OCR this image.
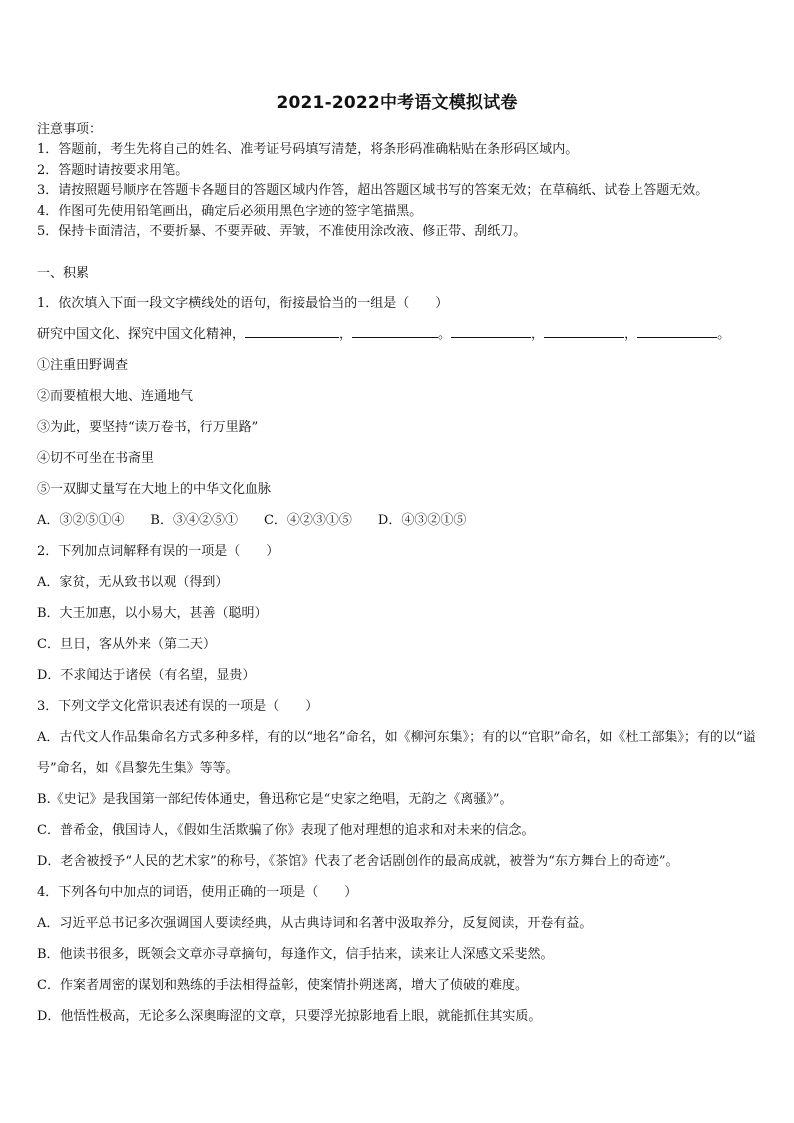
2021-2022中考语文模拟试卷
注意事项：
1．答题前，考生先将自己的姓名、准考证号码填写清楚，将条形码准确粘贴在条形码区域内。
2．答题时请按要求用笔。
3．请按照题号顺序在答题卡各题目的答题区域内作答，超出答题区域书写的答案无效；在草稿纸、试卷上答题无效。
4．作图可先使用铅笔画出，确定后必须用黑色字迹的签字笔描黑。
5．保持卡面清洁，不要折暴、不要弄破、弄皱，不准使用涂改液、修正带、刮纸刀。
一、积累
1．依次填入下面一段文字横线处的语句，衔接最恰当的一组是（　　）
研究中国文化、探究中国文化精神，	，	。	，	，	。
①注重田野调查
②而要植根大地、连通地气
③为此，要坚持“读万卷书，行万里路”
④切不可坐在书斋里
⑤一双脚丈量写在大地上的中华文化血脉
A．③②⑤①④ B．③④②⑤① C．④②③①⑤ D．④③②①⑤
2．下列加点词解释有误的一项是（　　）
A．家贫，无从致书以观（得到）
B．大王加惠，以小易大，甚善（聪明）
C．旦日，客从外来（第二天）
D．不求闻达于诸侯（有名望，显贵）
3．下列文学文化常识表述有误的一项是（　　）
A．古代文人作品集命名方式多种多样，有的以“地名”命名，如《柳河东集》；有的以“官职”命名，如《杜工部集》；有的以“谥号”命名，如《昌黎先生集》等等。
B.《史记》是我国第一部纪传体通史，鲁迅称它是“史家之绝唱，无韵之《离骚》”。
C．普希金，俄国诗人，《假如生活欺骗了你》表现了他对理想的追求和对未来的信念。
D．老舍被授予“人民的艺术家”的称号，《茶馆》代表了老舍话剧创作的最高成就，被誉为“东方舞台上的奇迹”。
4．下列各句中加点的词语，使用正确的一项是（　　）
A．习近平总书记多次强调国人要读经典，从古典诗词和名著中汲取养分，反复阅读，开卷有益。
B．他读书很多，既领会文章亦寻章摘句，每逢作文，信手拈来，读来让人深感文采斐然。
C．作案者周密的谋划和熟练的手法相得益彰，使案情扑朔迷离，增大了侦破的难度。
D．他悟性极高，无论多么深奥晦涩的文章，只要浮光掠影地看上眼，就能抓住其实质。
